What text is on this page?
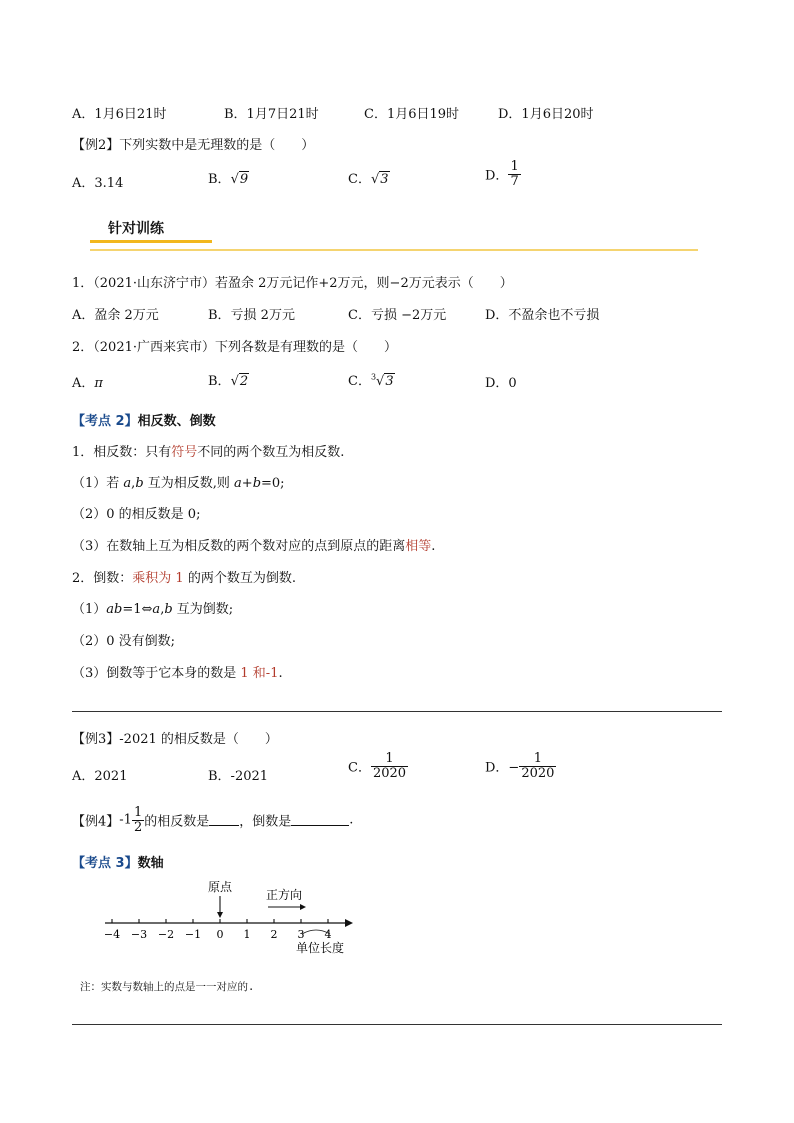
A．1月6日21时	B．1月7日21时	C．1月6日19时	D．1月6日20时
【例2】下列实数中是无理数的是（　　）
A．3.14	B．√9	C．√3	D． $\frac{1}{7}$
针对训练
1．（2021·山东济宁市）若盈余 2万元记作+2万元，则−2万元表示（　　）
A．盈余 2万元	B．亏损 2万元	C．亏损 −2万元	D．不盈余也不亏损
2．（2021·广西来宾市）下列各数是有理数的是（　　）
A．π	B．√2	C．$^3$√3	D．0
【考点 2】相反数、倒数
1．相反数：只有符号不同的两个数互为相反数.
（1）若 a,b 互为相反数,则 a+b=0;
（2）0 的相反数是 0;
（3）在数轴上互为相反数的两个数对应的点到原点的距离相等.
2．倒数：乘积为 1 的两个数互为倒数.
（1）ab=1⇔a,b 互为倒数;
（2）0 没有倒数;
（3）倒数等于它本身的数是 1 和-1.
【例3】-2021 的相反数是（　　）
A．2021	B．-2021
C． $\frac{1}{2020}$	D．− $\frac{1}{2020}$
【例4】$-1 \frac{1}{2}$ 的相反数是 ，倒数是	.
【考点 3】数轴
−4 −3 −2 −1 0 1 2 3 4
原点
正方向
单位长度
注：实数与数轴上的点是一一对应的.
